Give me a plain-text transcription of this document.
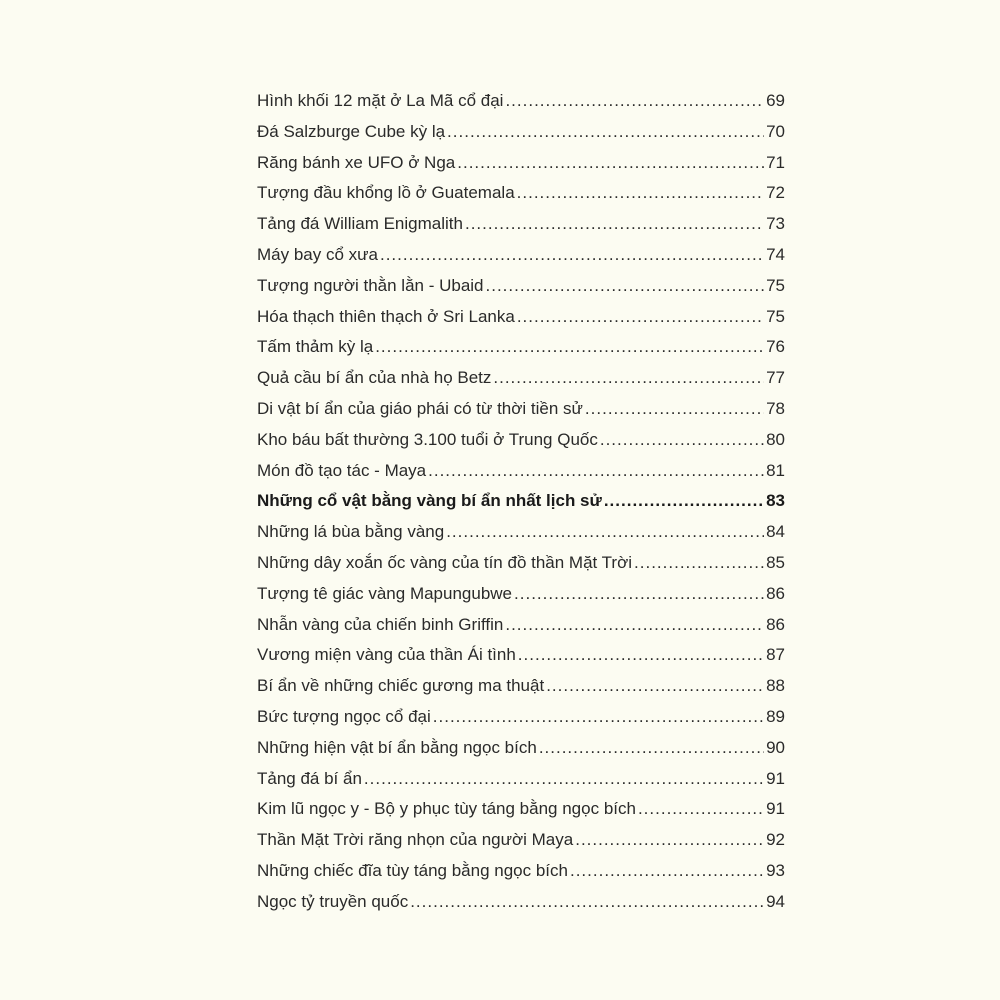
Hình khối 12 mặt ở La Mã cổ đại .....	69
Đá Salzburge Cube kỳ lạ .....	70
Răng bánh xe UFO ở Nga .....	71
Tượng đầu khổng lồ ở Guatemala .....	72
Tảng đá William Enigmalith .....	73
Máy bay cổ xưa .....	74
Tượng người thằn lằn - Ubaid .....	75
Hóa thạch thiên thạch ở Sri Lanka .....	75
Tấm thảm kỳ lạ .....	76
Quả cầu bí ẩn của nhà họ Betz .....	77
Di vật bí ẩn của giáo phái có từ thời tiền sử .....	78
Kho báu bất thường 3.100 tuổi ở Trung Quốc .....	80
Món đồ tạo tác - Maya .....	81
Những cổ vật bằng vàng bí ẩn nhất lịch sử .....	83
Những lá bùa bằng vàng .....	84
Những dây xoắn ốc vàng của tín đồ thần Mặt Trời .....	85
Tượng tê giác vàng Mapungubwe .....	86
Nhẫn vàng của chiến binh Griffin .....	86
Vương miện vàng của thần Ái tình .....	87
Bí ẩn về những chiếc gương ma thuật .....	88
Bức tượng ngọc cổ đại .....	89
Những hiện vật bí ẩn bằng ngọc bích .....	90
Tảng đá bí ẩn .....	91
Kim lũ ngọc y - Bộ y phục tùy táng bằng ngọc bích .....	91
Thần Mặt Trời răng nhọn của người Maya .....	92
Những chiếc đĩa tùy táng bằng ngọc bích .....	93
Ngọc tỷ truyền quốc .....	94
